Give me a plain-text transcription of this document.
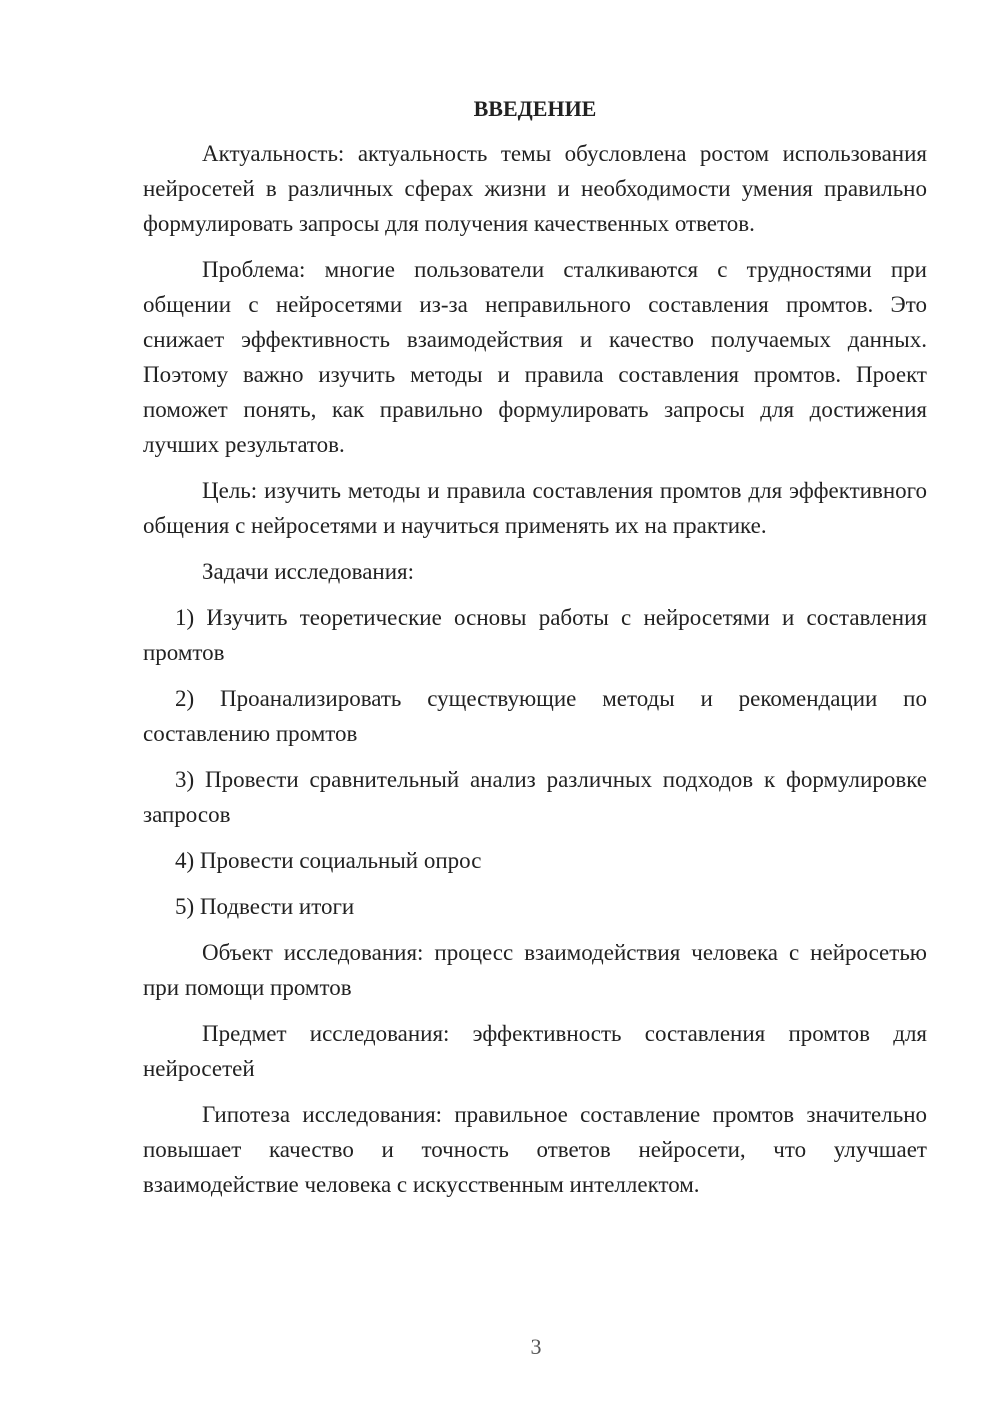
ВВЕДЕНИЕ

Актуальность: актуальность темы обусловлена ростом использования нейросетей в различных сферах жизни и необходимости умения правильно формулировать запросы для получения качественных ответов.

Проблема: многие пользователи сталкиваются с трудностями при общении с нейросетями из-за неправильного составления промтов. Это снижает эффективность взаимодействия и качество получаемых данных. Поэтому важно изучить методы и правила составления промтов. Проект поможет понять, как правильно формулировать запросы для достижения лучших результатов.

Цель: изучить методы и правила составления промтов для эффективного общения с нейросетями и научиться применять их на практике.

Задачи исследования:

1) Изучить теоретические основы работы с нейросетями и составления промтов

2) Проанализировать существующие методы и рекомендации по составлению промтов

3) Провести сравнительный анализ различных подходов к формулировке запросов

4) Провести социальный опрос

5) Подвести итоги

Объект исследования: процесс взаимодействия человека с нейросетью при помощи промтов

Предмет исследования: эффективность составления промтов для нейросетей

Гипотеза исследования: правильное составление промтов значительно повышает качество и точность ответов нейросети, что улучшает взаимодействие человека с искусственным интеллектом.

3
